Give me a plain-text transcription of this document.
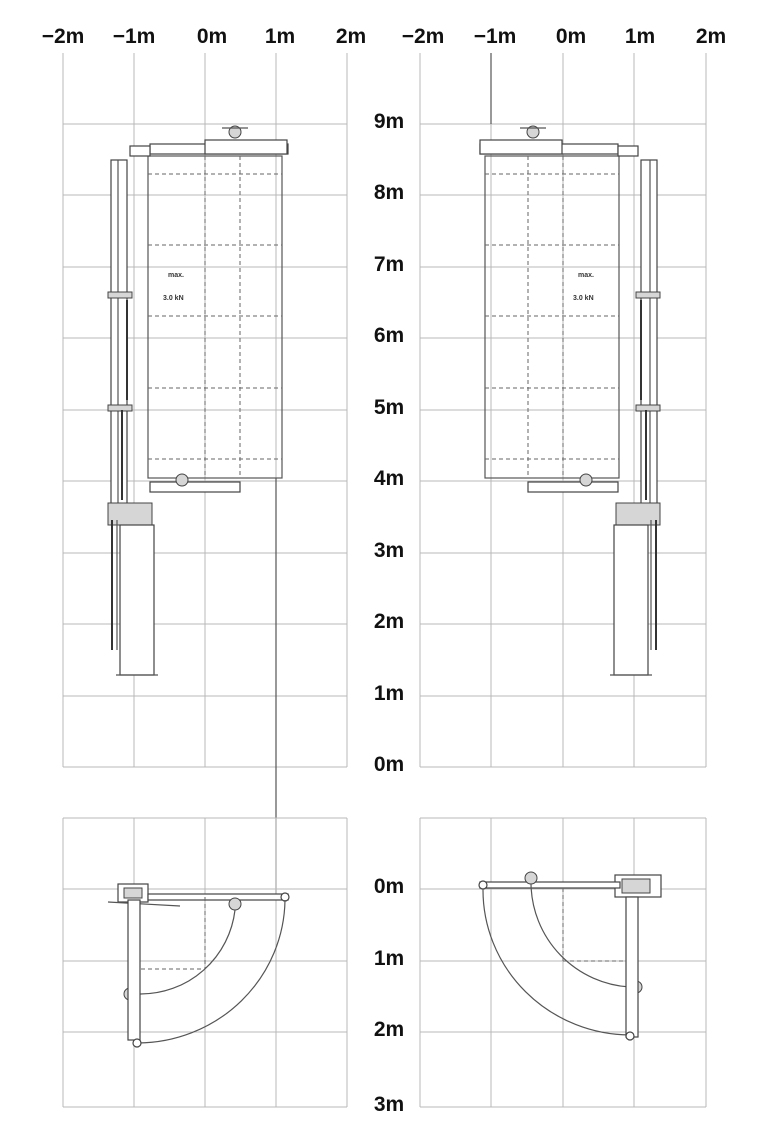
−2m −1m 0m 1m 2m −2m −1m 0m 1m 2m
9m
8m
7m
6m
5m
4m
3m
2m
1m
0m
max.
3.0 kN
max.
3.0 kN
0m
1m
2m
3m
